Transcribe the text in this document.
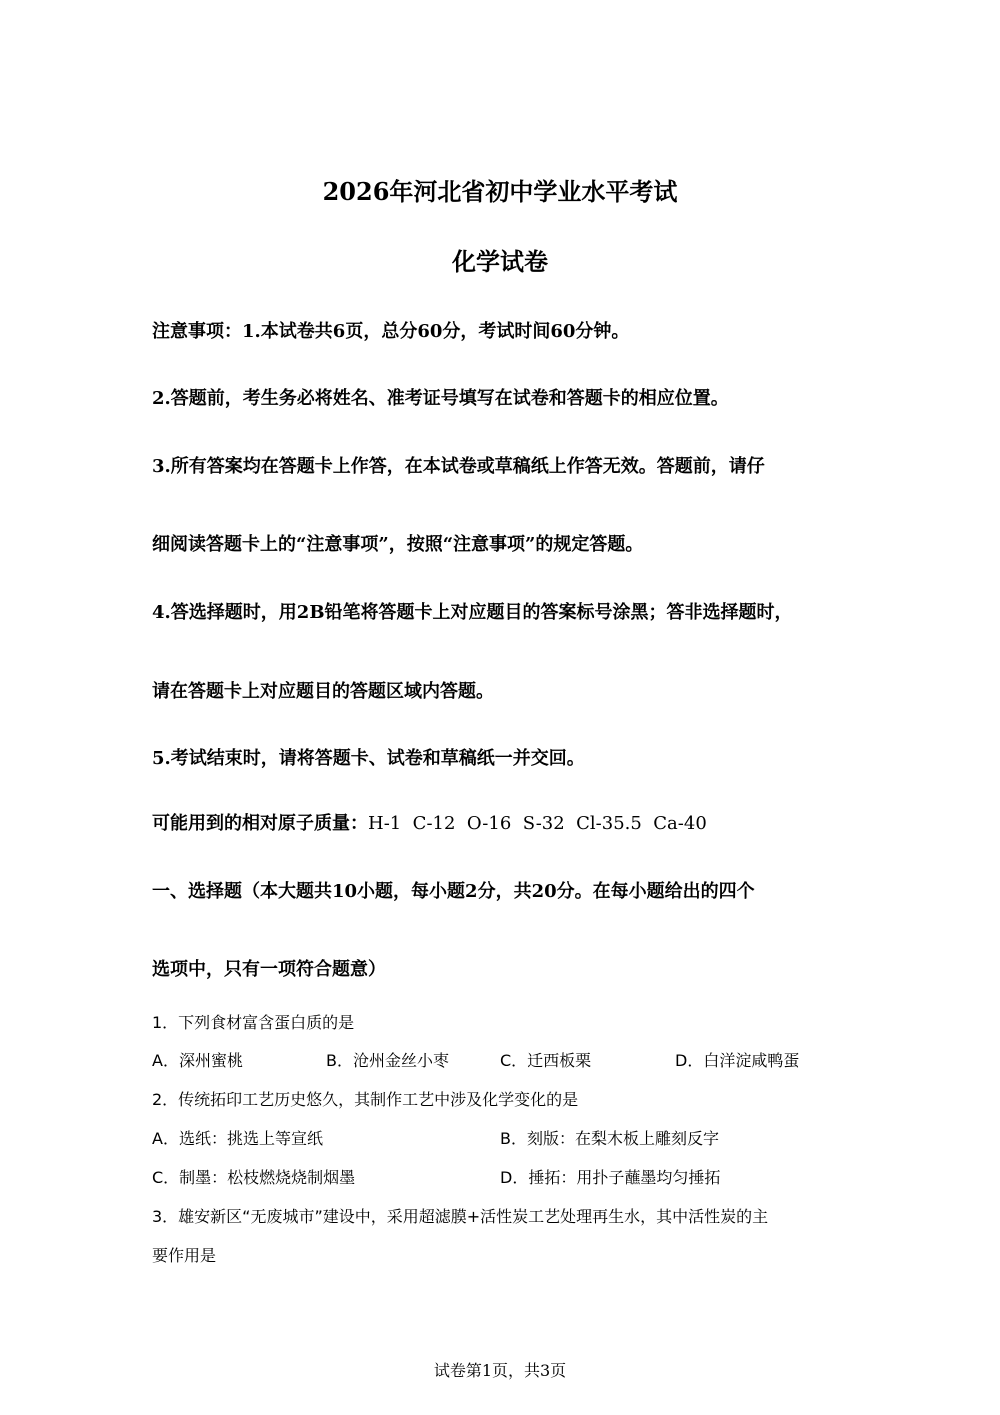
2026年河北省初中学业水平考试
化学试卷
注意事项：1.本试卷共6页，总分60分，考试时间60分钟。
2.答题前，考生务必将姓名、准考证号填写在试卷和答题卡的相应位置。
3.所有答案均在答题卡上作答，在本试卷或草稿纸上作答无效。答题前，请仔
细阅读答题卡上的“注意事项”，按照“注意事项”的规定答题。
4.答选择题时，用2B铅笔将答题卡上对应题目的答案标号涂黑；答非选择题时，
请在答题卡上对应题目的答题区域内答题。
5.考试结束时，请将答题卡、试卷和草稿纸一并交回。
可能用到的相对原子质量：H-1  C-12  O-16  S-32  Cl-35.5  Ca-40
一、选择题（本大题共10小题，每小题2分，共20分。在每小题给出的四个
选项中，只有一项符合题意）
1．下列食材富含蛋白质的是
A．深州蜜桃	B．沧州金丝小枣	C．迁西板栗	D．白洋淀咸鸭蛋
2．传统拓印工艺历史悠久，其制作工艺中涉及化学变化的是
A．选纸：挑选上等宣纸	B．刻版：在梨木板上雕刻反字
C．制墨：松枝燃烧烧制烟墨	D．捶拓：用扑子蘸墨均匀捶拓
3．雄安新区“无废城市”建设中，采用超滤膜+活性炭工艺处理再生水，其中活性炭的主
要作用是
试卷第1页，共3页
